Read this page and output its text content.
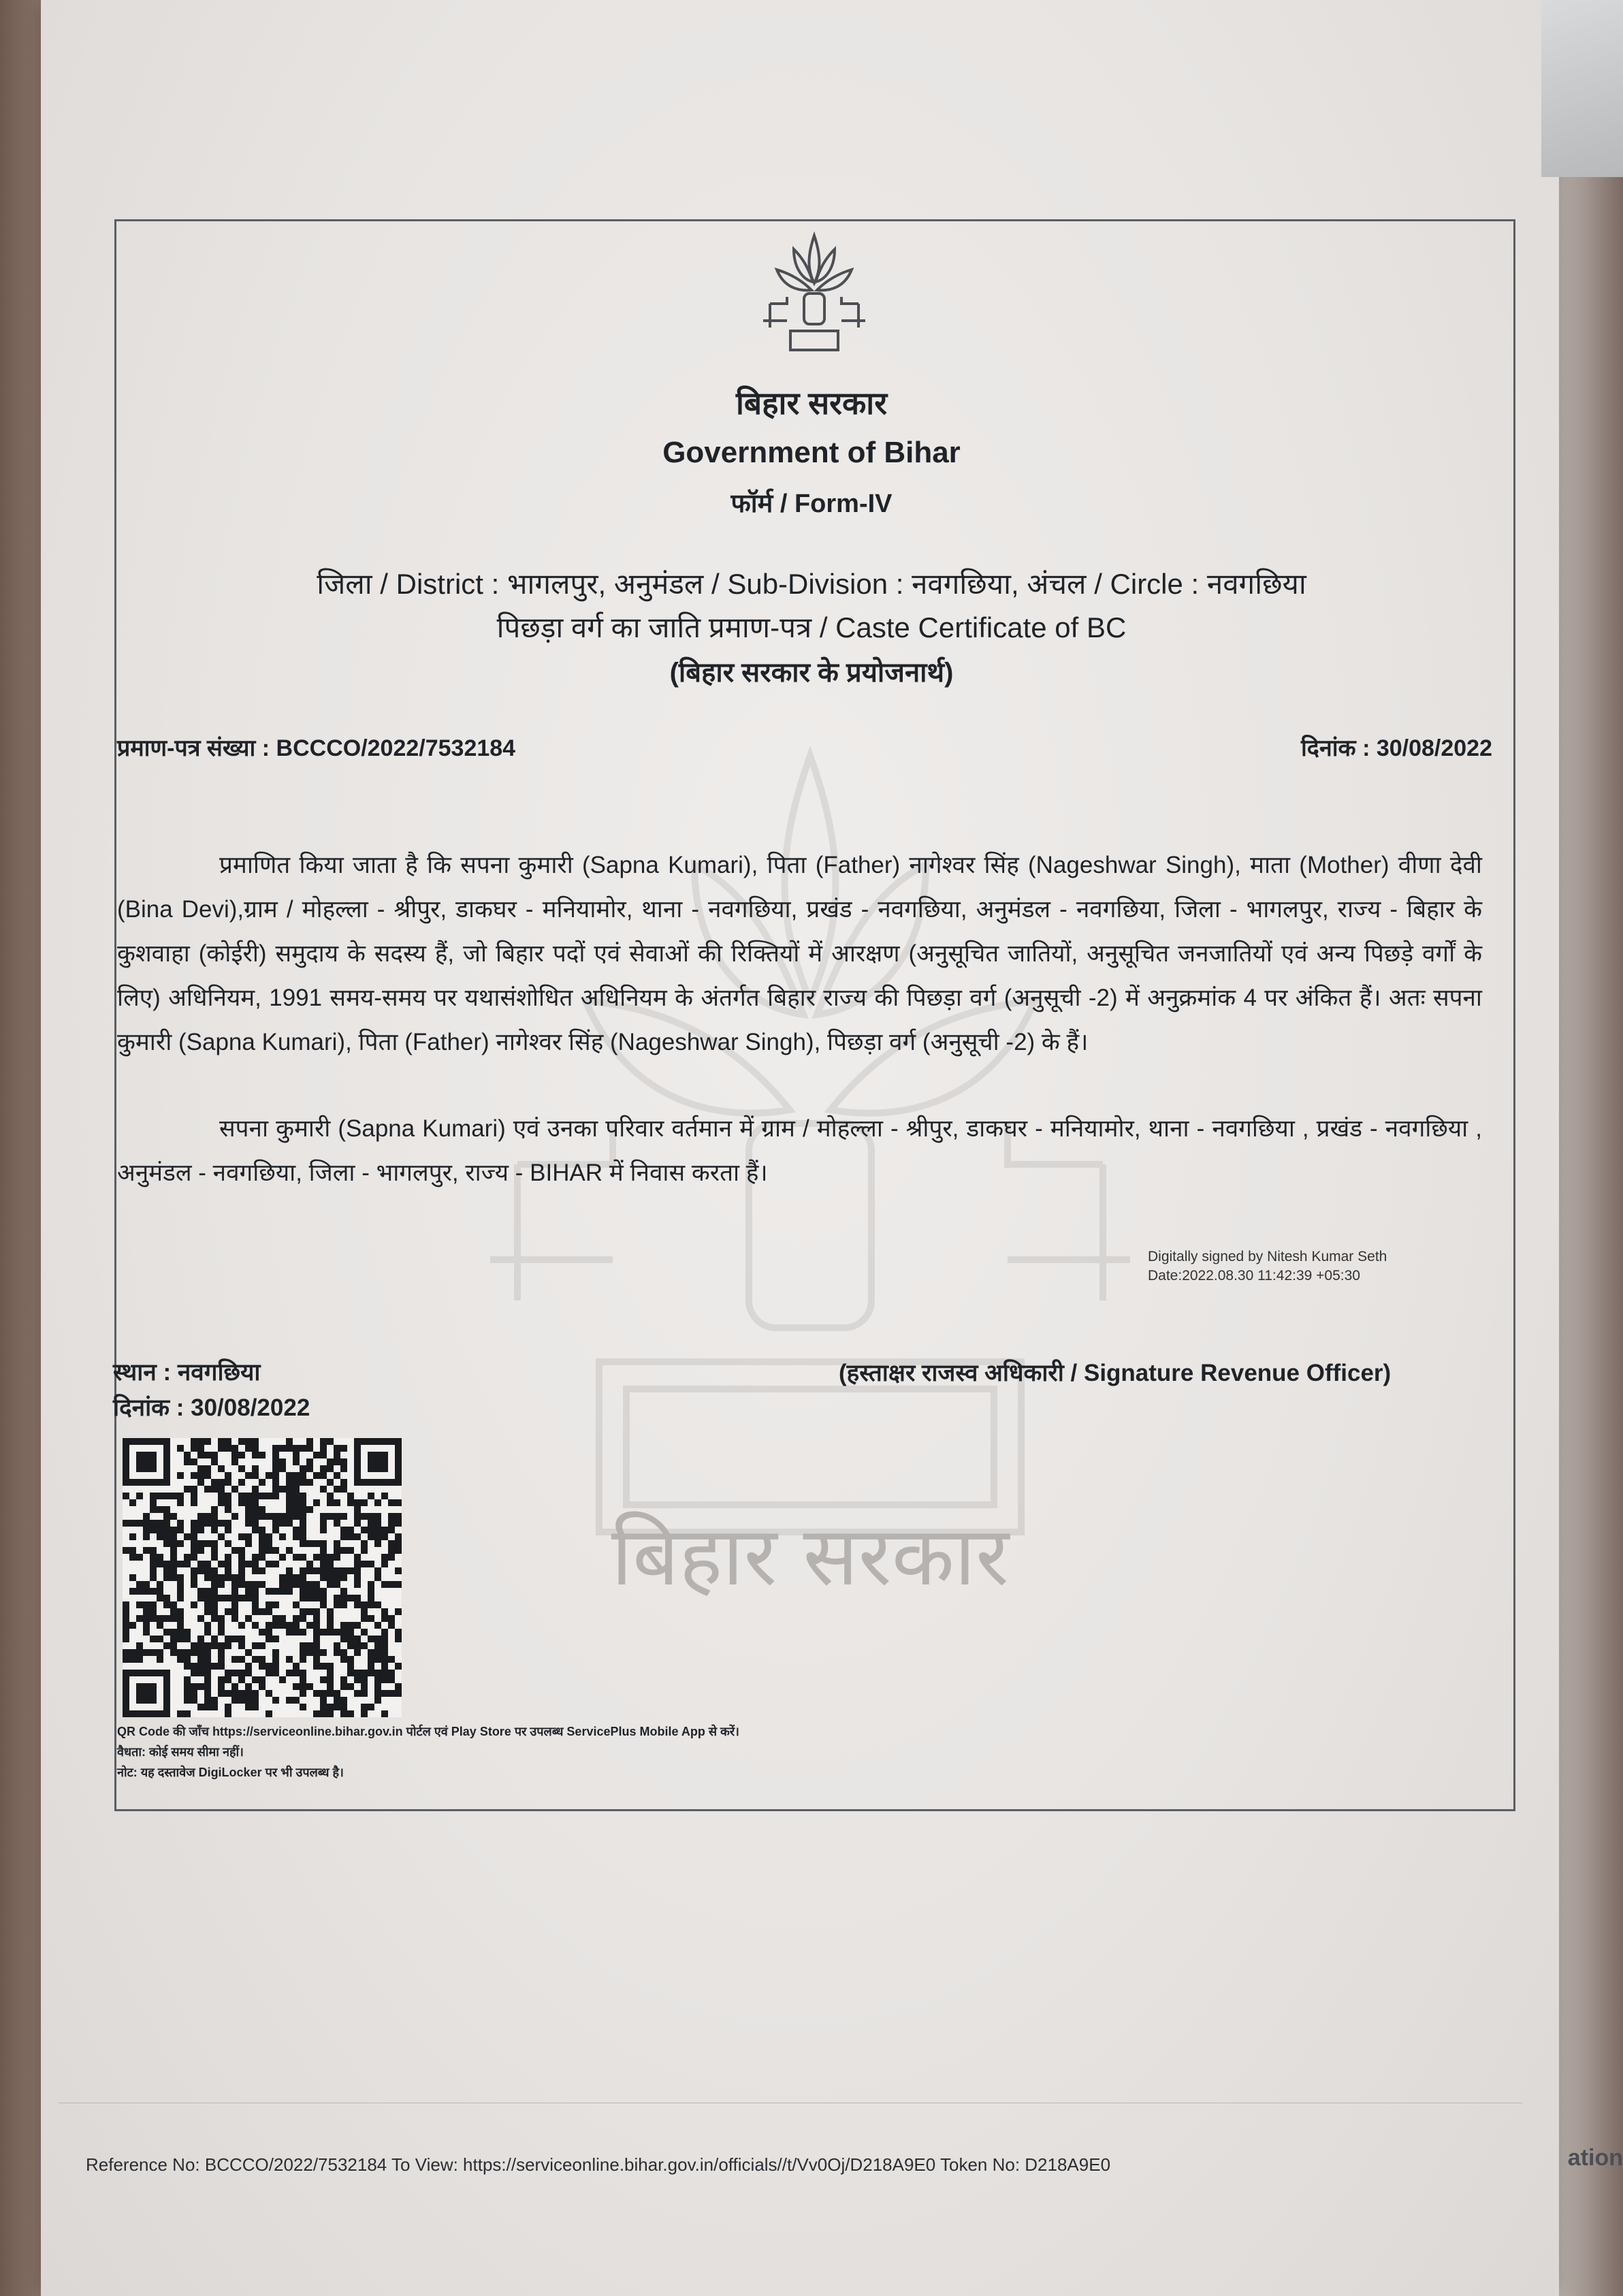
ation
बिहार सरकार
बिहार सरकार
Government of Bihar
फॉर्म / Form-IV
जिला / District : भागलपुर, अनुमंडल / Sub-Division : नवगछिया, अंचल / Circle : नवगछिया
पिछड़ा वर्ग का जाति प्रमाण-पत्र / Caste Certificate of BC
(बिहार सरकार के प्रयोजनार्थ)
प्रमाण-पत्र संख्या : BCCCO/2022/7532184	दिनांक : 30/08/2022
प्रमाणित किया जाता है कि सपना कुमारी (Sapna Kumari), पिता (Father) नागेश्वर सिंह (Nageshwar Singh), माता (Mother) वीणा देवी (Bina Devi),ग्राम / मोहल्ला - श्रीपुर, डाकघर - मनियामोर, थाना - नवगछिया, प्रखंड - नवगछिया, अनुमंडल - नवगछिया, जिला - भागलपुर, राज्य - बिहार के कुशवाहा (कोईरी) समुदाय के सदस्य हैं, जो बिहार पदों एवं सेवाओं की रिक्तियों में आरक्षण (अनुसूचित जातियों, अनुसूचित जनजातियों एवं अन्य पिछड़े वर्गों के लिए) अधिनियम, 1991 समय-समय पर यथासंशोधित अधिनियम के अंतर्गत बिहार राज्य की पिछड़ा वर्ग (अनुसूची -2) में अनुक्रमांक 4 पर अंकित हैं। अतः सपना कुमारी (Sapna Kumari), पिता (Father) नागेश्वर सिंह (Nageshwar Singh), पिछड़ा वर्ग (अनुसूची -2) के हैं।
सपना कुमारी (Sapna Kumari) एवं उनका परिवार वर्तमान में ग्राम / मोहल्ला - श्रीपुर, डाकघर - मनियामोर, थाना - नवगछिया , प्रखंड - नवगछिया , अनुमंडल - नवगछिया, जिला - भागलपुर, राज्य - BIHAR में निवास करता हैं।
Digitally signed by Nitesh Kumar Seth
Date:2022.08.30 11:42:39 +05:30
स्थान : नवगछिया
दिनांक : 30/08/2022
(हस्ताक्षर राजस्व अधिकारी / Signature Revenue Officer)
QR Code की जाँच https://serviceonline.bihar.gov.in पोर्टल एवं Play Store पर उपलब्ध ServicePlus Mobile App से करें।
वैधता: कोई समय सीमा नहीं।
नोट: यह दस्तावेज DigiLocker पर भी उपलब्ध है।
Reference No: BCCCO/2022/7532184 To View: https://serviceonline.bihar.gov.in/officials//t/Vv0Oj/D218A9E0 Token No: D218A9E0
